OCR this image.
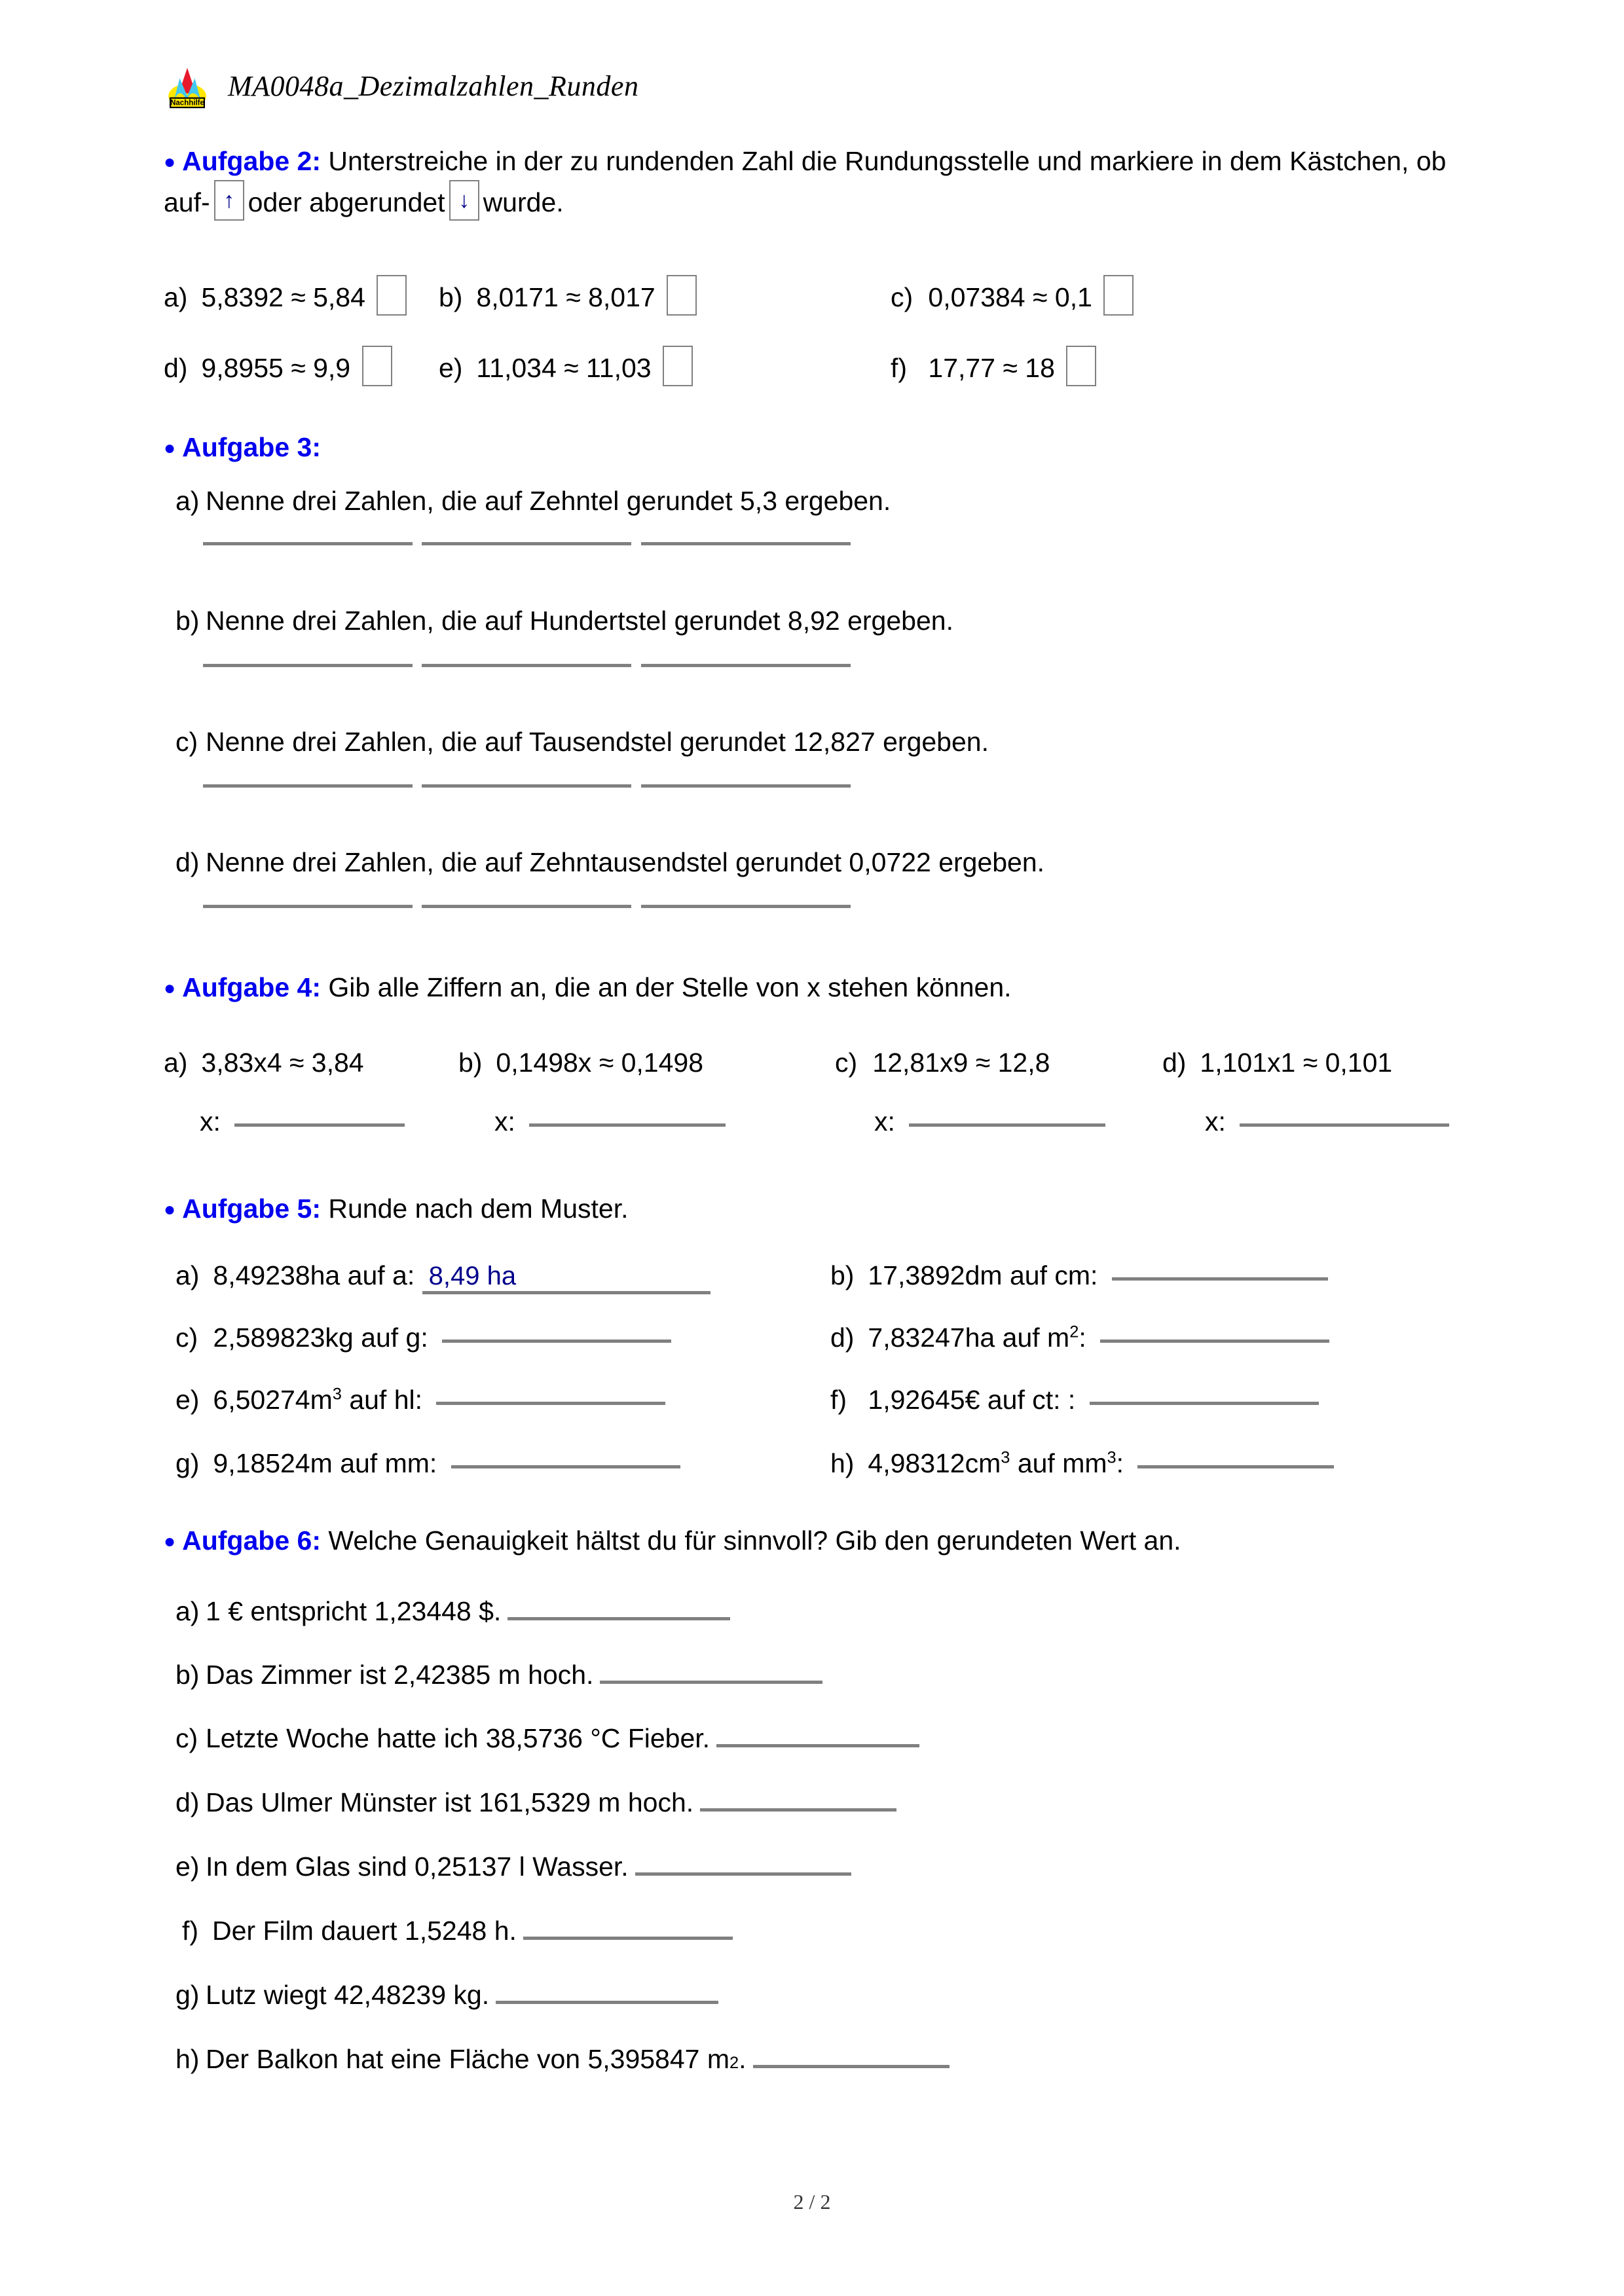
Nachhilfe
MA0048a_Dezimalzahlen_Runden
● Aufgabe 2: Unterstreiche in der zu rundenden Zahl die Rundungsstelle und markiere in dem Kästchen, ob auf- ↑ oder abgerundet ↓ wurde.
a) 5,8392 ≈ 5,84	b) 8,0171 ≈ 8,017	c) 0,07384 ≈ 0,1
d) 9,8955 ≈ 9,9	e) 11,034 ≈ 11,03	f) 17,77 ≈ 18
● Aufgabe 3:
a) Nenne drei Zahlen, die auf Zehntel gerundet 5,3 ergeben.

b) Nenne drei Zahlen, die auf Hundertstel gerundet 8,92 ergeben.

c) Nenne drei Zahlen, die auf Tausendstel gerundet 12,827 ergeben.

d) Nenne drei Zahlen, die auf Zehntausendstel gerundet 0,0722 ergeben.

● Aufgabe 4: Gib alle Ziffern an, die an der Stelle von x stehen können.
a) 3,83x4 ≈ 3,84	b) 0,1498x ≈ 0,1498	c) 12,81x9 ≈ 12,8	d) 1,101x1 ≈ 0,101
x:	x:	x:	x:
● Aufgabe 5: Runde nach dem Muster.
a) 8,49238ha auf a: 8,49 ha	b) 17,3892dm auf cm:
c) 2,589823kg auf g:	d) 7,83247ha auf $m^2$:
e) $6,50274m^3$ auf hl:	f) 1,92645€ auf ct: :
g) 9,18524m auf mm:	h) $4,98312cm^3$ auf $mm^3$:
● Aufgabe 6: Welche Genauigkeit hältst du für sinnvoll? Gib den gerundeten Wert an.
a) 1 € entspricht 1,23448 $.
b) Das Zimmer ist 2,42385 m hoch.
c) Letzte Woche hatte ich 38,5736 °C Fieber.
d) Das Ulmer Münster ist 161,5329 m hoch.
e) In dem Glas sind 0,25137 l Wasser.
f) Der Film dauert 1,5248 h.
g) Lutz wiegt 42,48239 kg.
h) Der Balkon hat eine Fläche von 5,395847 m 2 .
2 / 2
